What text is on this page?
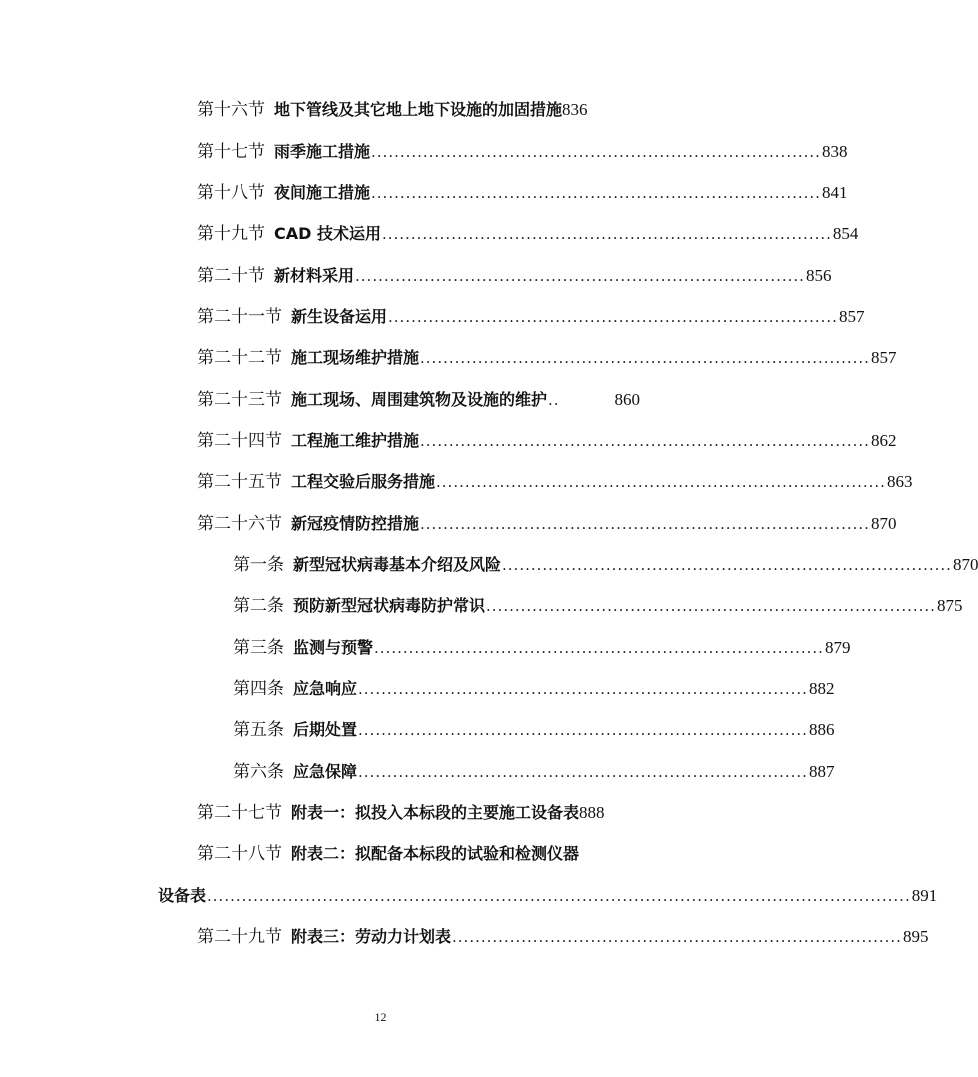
第十六节 地下管线及其它地上地下设施的加固措施 836
第十七节 雨季施工措施 .............................................................................. 838
第十八节 夜间施工措施 .............................................................................. 841
第十九节 CAD 技术运用 .............................................................................. 854
第二十节 新材料采用 .............................................................................. 856
第二十一节 新生设备运用 .............................................................................. 857
第二十二节 施工现场维护措施 .............................................................................. 857
第二十三节 施工现场、周围建筑物及设施的维护 ..	860
第二十四节 工程施工维护措施 .............................................................................. 862
第二十五节 工程交验后服务措施 .............................................................................. 863
第二十六节 新冠疫情防控措施 .............................................................................. 870
第一条 新型冠状病毒基本介绍及风险 .............................................................................. 870
第二条 预防新型冠状病毒防护常识 .............................................................................. 875
第三条 监测与预警 .............................................................................. 879
第四条 应急响应 .............................................................................. 882
第五条 后期处置 .............................................................................. 886
第六条 应急保障 .............................................................................. 887
第二十七节 附表一：拟投入本标段的主要施工设备表 888
第二十八节 附表二：拟配备本标段的试验和检测仪器
设备表 .......................................................................................................................... 891
第二十九节 附表三：劳动力计划表 .............................................................................. 895
12
